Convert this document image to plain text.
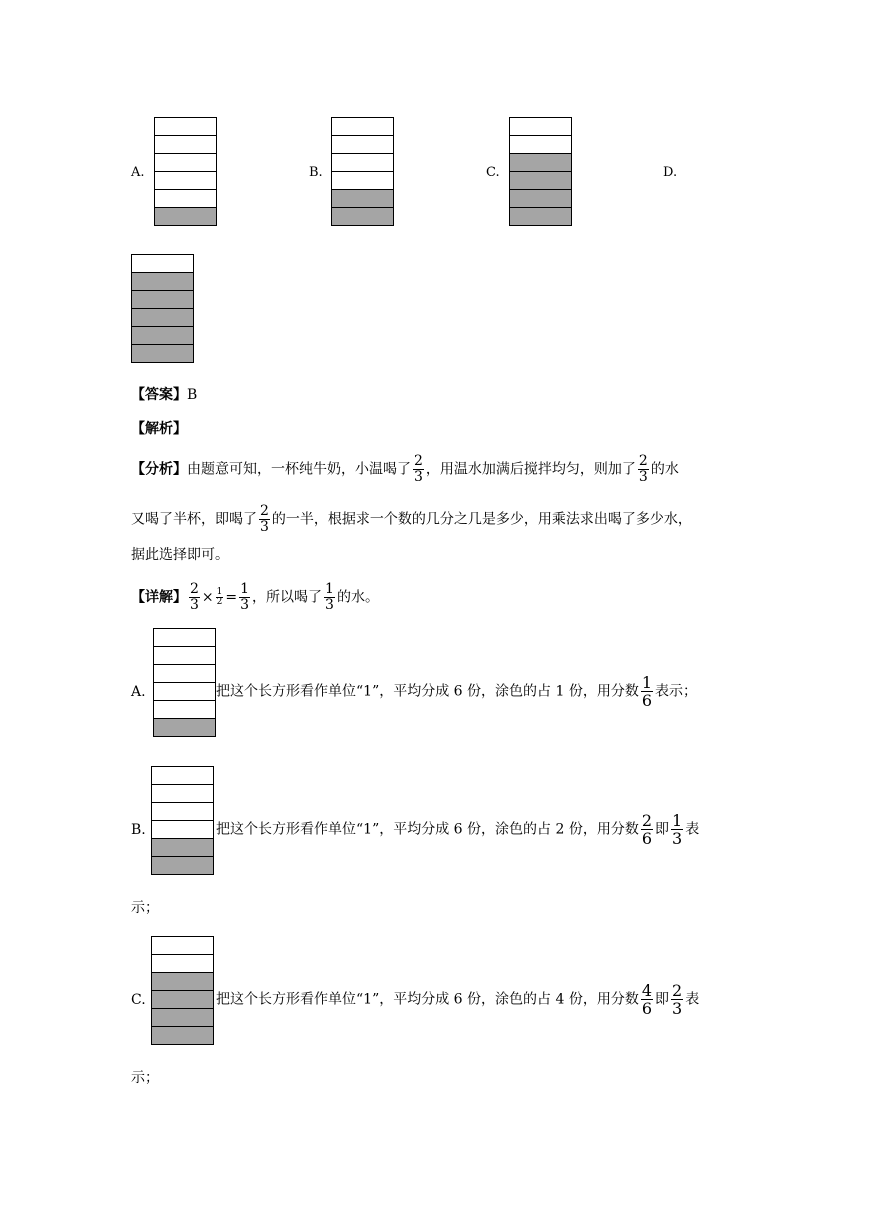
A.	B.	C.	D.
【答案】B
【解析】
【分析】由题意可知，一杯纯牛奶，小温喝了 $\frac{2}{3}$ ，用温水加满后搅拌均匀，则加了 $\frac{2}{3}$ 的水
又喝了半杯，即喝了 $\frac{2}{3}$ 的一半，根据求一个数的几分之几是多少，用乘法求出喝了多少水，
据此选择即可。
【详解】 $\frac{2}{3} \times \frac{1}{2} = \frac{1}{3}$ ，所以喝了 $\frac{1}{3}$ 的水。
A.	把这个长方形看作单位“1”，平均分成 6 份，涂色的占 1 份，用分数 $\frac{1}{6}$ 表示；
B.	把这个长方形看作单位“1”，平均分成 6 份，涂色的占 2 份，用分数 $\frac{2}{6}$ 即 $\frac{1}{3}$ 表
示；
C.	把这个长方形看作单位“1”，平均分成 6 份，涂色的占 4 份，用分数 $\frac{4}{6}$ 即 $\frac{2}{3}$ 表
示；
